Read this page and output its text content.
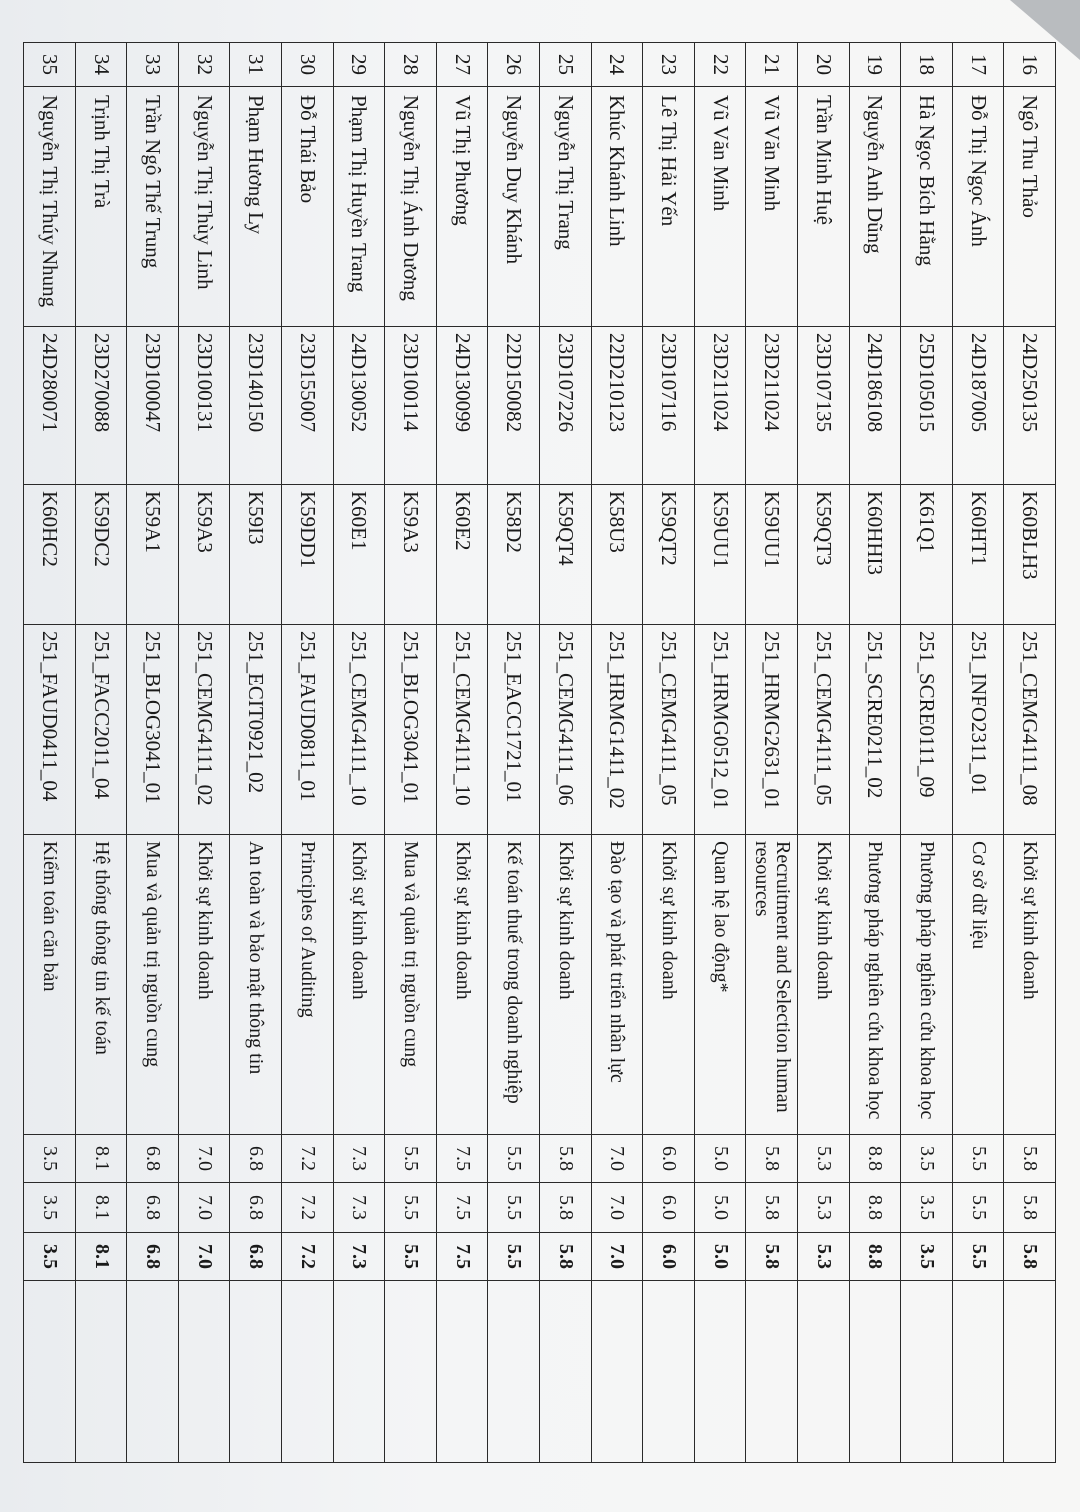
16	Ngô Thu Thảo	24D250135	K60BLH3	251_CEMG4111_08	Khởi sự kinh doanh	5.8	5.8	5.8	
17	Đỗ Thị Ngọc Ánh	24D187005	K60HT1	251_INFO2311_01	Cơ sở dữ liệu	5.5	5.5	5.5	
18	Hà Ngọc Bích Hằng	25D105015	K61Q1	251_SCRE0111_09	Phương pháp nghiên cứu khoa học	3.5	3.5	3.5	
19	Nguyễn Anh Dũng	24D186108	K60HHI3	251_SCRE0211_02	Phương pháp nghiên cứu khoa học	8.8	8.8	8.8	
20	Trần Minh Huệ	23D107135	K59QT3	251_CEMG4111_05	Khởi sự kinh doanh	5.3	5.3	5.3	
21	Vũ Văn Minh	23D211024	K59UU1	251_HRMG2631_01	Recruitment and Selection human resources	5.8	5.8	5.8	
22	Vũ Văn Minh	23D211024	K59UU1	251_HRMG0512_01	Quan hệ lao động*	5.0	5.0	5.0	
23	Lê Thị Hải Yến	23D107116	K59QT2	251_CEMG4111_05	Khởi sự kinh doanh	6.0	6.0	6.0	
24	Khúc Khánh Linh	22D210123	K58U3	251_HRMG1411_02	Đào tạo và phát triển nhân lực	7.0	7.0	7.0	
25	Nguyễn Thị Trang	23D107226	K59QT4	251_CEMG4111_06	Khởi sự kinh doanh	5.8	5.8	5.8	
26	Nguyễn Duy Khánh	22D150082	K58D2	251_EACC1721_01	Kế toán thuế trong doanh nghiệp	5.5	5.5	5.5	
27	Vũ Thị Phương	24D130099	K60E2	251_CEMG4111_10	Khởi sự kinh doanh	7.5	7.5	7.5	
28	Nguyễn Thị Ánh Dương	23D100114	K59A3	251_BLOG3041_01	Mua và quản trị nguồn cung	5.5	5.5	5.5	
29	Phạm Thị Huyền Trang	24D130052	K60E1	251_CEMG4111_10	Khởi sự kinh doanh	7.3	7.3	7.3	
30	Đỗ Thái Bảo	23D155007	K59DD1	251_FAUD0811_01	Principles of Auditing	7.2	7.2	7.2	
31	Phạm Hương Ly	23D140150	K59I3	251_ECIT0921_02	An toàn và bảo mật thông tin	6.8	6.8	6.8	
32	Nguyễn Thị Thùy Linh	23D100131	K59A3	251_CEMG4111_02	Khởi sự kinh doanh	7.0	7.0	7.0	
33	Trần Ngô Thế Trung	23D100047	K59A1	251_BLOG3041_01	Mua và quản trị nguồn cung	6.8	6.8	6.8	
34	Trịnh Thị Trà	23D270088	K59DC2	251_FACC2011_04	Hệ thống thông tin kế toán	8.1	8.1	8.1	
35	Nguyễn Thị Thúy Nhung	24D280071	K60HC2	251_FAUD0411_04	Kiểm toán căn bản	3.5	3.5	3.5	
